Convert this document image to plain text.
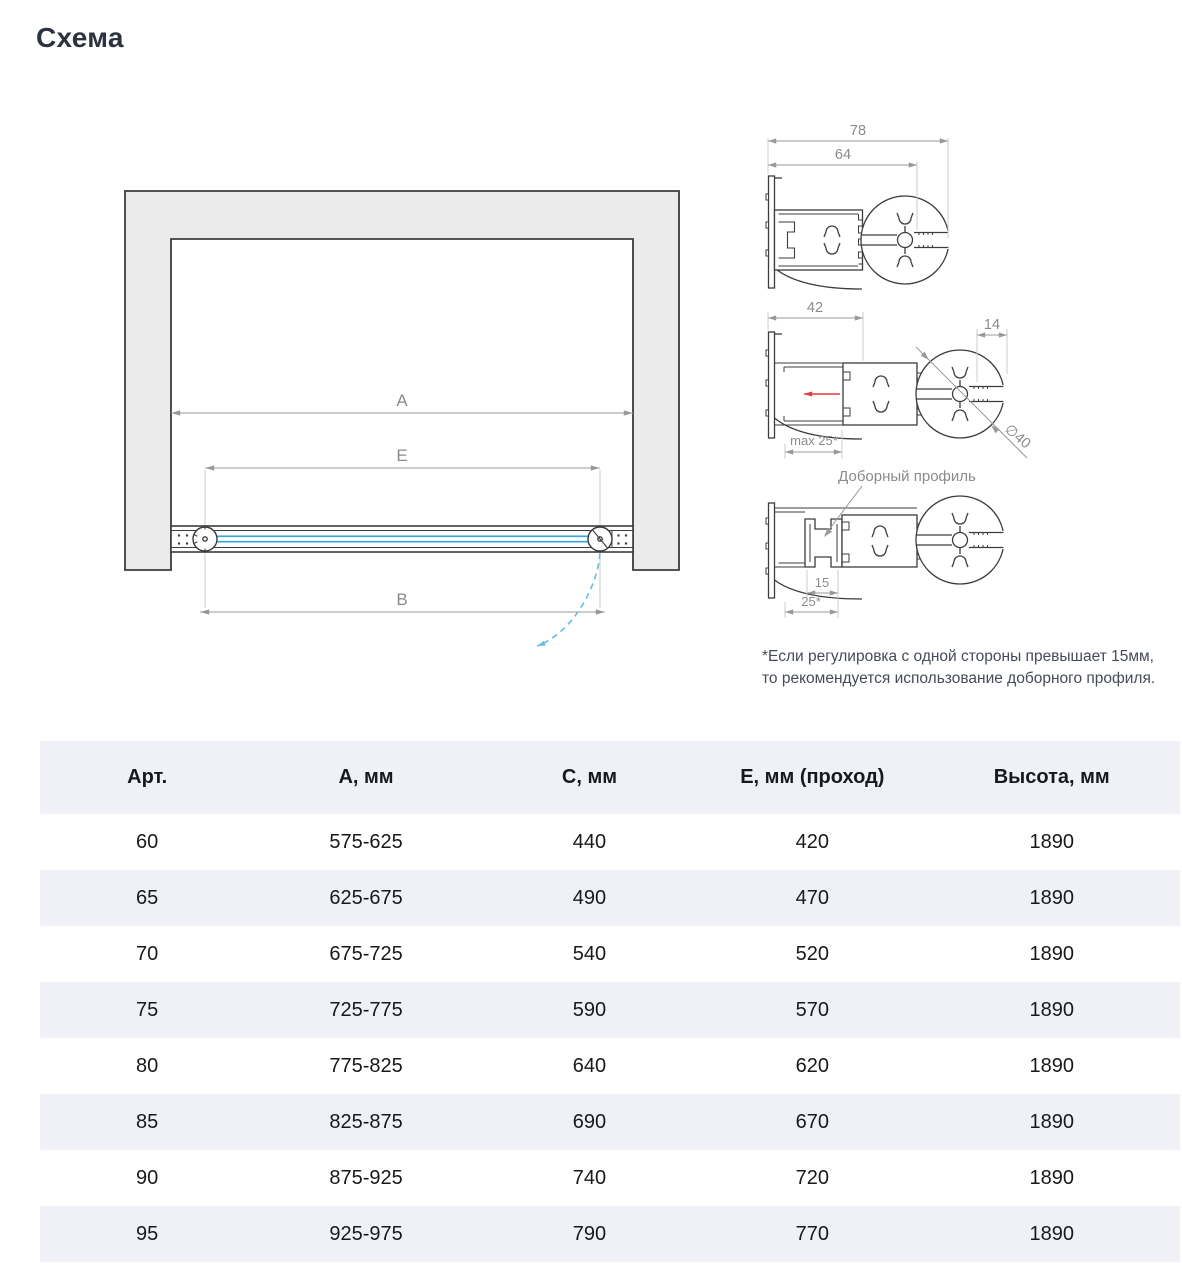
Схема
A
E
B
78
64
42
14
max 25*	∅40
Доборный профиль
15
25*
*Если регулировка с одной стороны превышает 15мм,
то рекомендуется использование доборного профиля.
Арт.	А, мм	С, мм	Е, мм (проход)	Высота, мм
60	575-625	440	420	1890
65	625-675	490	470	1890
70	675-725	540	520	1890
75	725-775	590	570	1890
80	775-825	640	620	1890
85	825-875	690	670	1890
90	875-925	740	720	1890
95	925-975	790	770	1890
